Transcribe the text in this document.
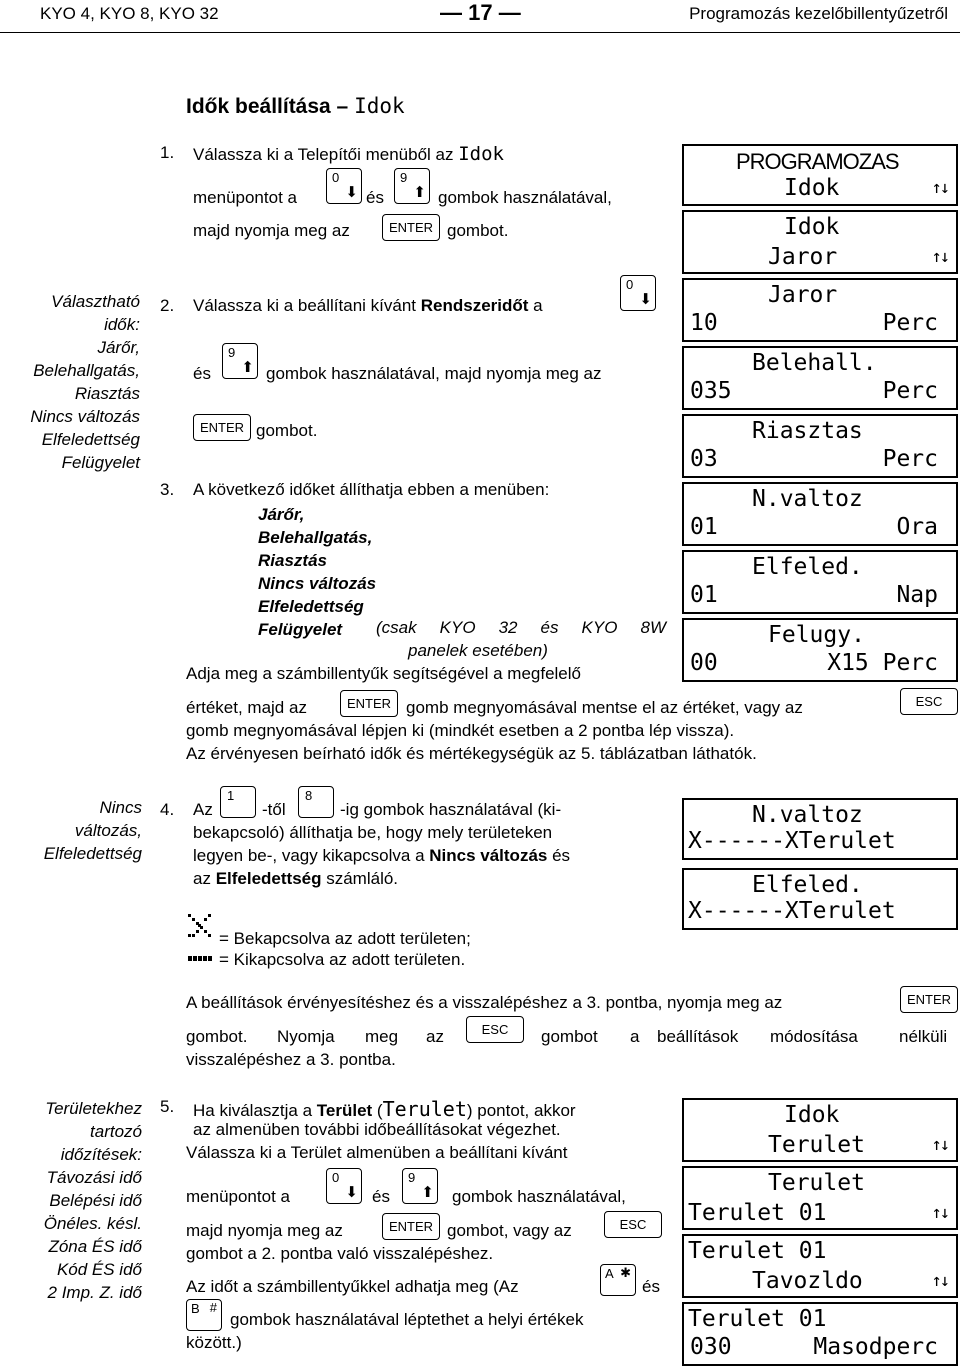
KYO 4, KYO 8, KYO 32	— 17 —	Programozás kezelőbillentyűzetről
Idők beállítása – Idok
Választható
idők:
Járőr,
Belehallgatás,
Riasztás
Nincs változás
Elfeledettség
Felügyelet
Nincs
változás,
Elfeledettség
Területekhez
tartozó
időzítések:
Távozási idő
Belépési idő
Önéles. késl.
Zóna ÉS idő
Kód ÉS idő
2 Imp. Z. idő
1. Válassza ki a Telepítői menüből az Idok
menüpontot a
0
⬇ és
9
⬆ gombok használatával,
majd nyomja meg az	ENTER gombot.
2. Válassza ki a beállítani kívánt Rendszeridőt a
0
⬇
és
9
⬆ gombok használatával, majd nyomja meg az
ENTER gombot.
3. A következő időket állíthatja ebben a menüben:
Járőr,
Belehallgatás,
Riasztás
Nincs változás
Elfeledettség
Felügyelet	(csak KYO 32 és KYO 8W
panelek esetében)
Adja meg a számbillentyűk segítségével a megfelelő
értéket, majd az	ENTER gomb megnyomásával mentse el az értéket, vagy az	ESC
gomb megnyomásával lépjen ki (mindkét esetben a 2 pontba lép vissza).
Az érvényesen beírható idők és mértékegységük az 5. táblázatban láthatók.
4. Az
1
-től
8
-ig gombok használatával (ki-
bekapcsoló) állíthatja be, hogy mely területeken
legyen be-, vagy kikapcsolva a Nincs változás és
az Elfeledettség számláló.
= Bekapcsolva az adott területen;
= Kikapcsolva az adott területen.
A beállítások érvényesítéshez és a visszalépéshez a 3. pontba, nyomja meg az	ENTER
gombot. Nyomja meg az	ESC	gombot a beállítások módosítása nélküli
visszalépéshez a 3. pontba.
5. Ha kiválasztja a Terület (Terulet) pontot, akkor
az almenüben további időbeállításokat végezhet.
Válassza ki a Terület almenüben a beállítani kívánt
menüpontot a
0
⬇ és
9
⬆ gombok használatával,
majd nyomja meg az	ENTER gombot, vagy az	ESC
gombot a 2. pontba való visszalépéshez.
Az időt a számbillentyűkkel adhatja meg (Az
A ✱
és
B #
gombok használatával léptethet a helyi értékek
között.)
PROGRAMOZAS
Idok	↑↓
Idok
Jaror	↑↓
Jaror
10	Perc
Belehall.
035	Perc
Riasztas
03	Perc
N.valtoz
01	Ora
Elfeled.
01	Nap
Felugy.
00	X15 Perc
N.valtoz
X------XTerulet
Elfeled.
X------XTerulet
Idok
Terulet	↑↓
Terulet
Terulet 01	↑↓
Terulet 01
Tavozldo	↑↓
Terulet 01
030	Masodperc
